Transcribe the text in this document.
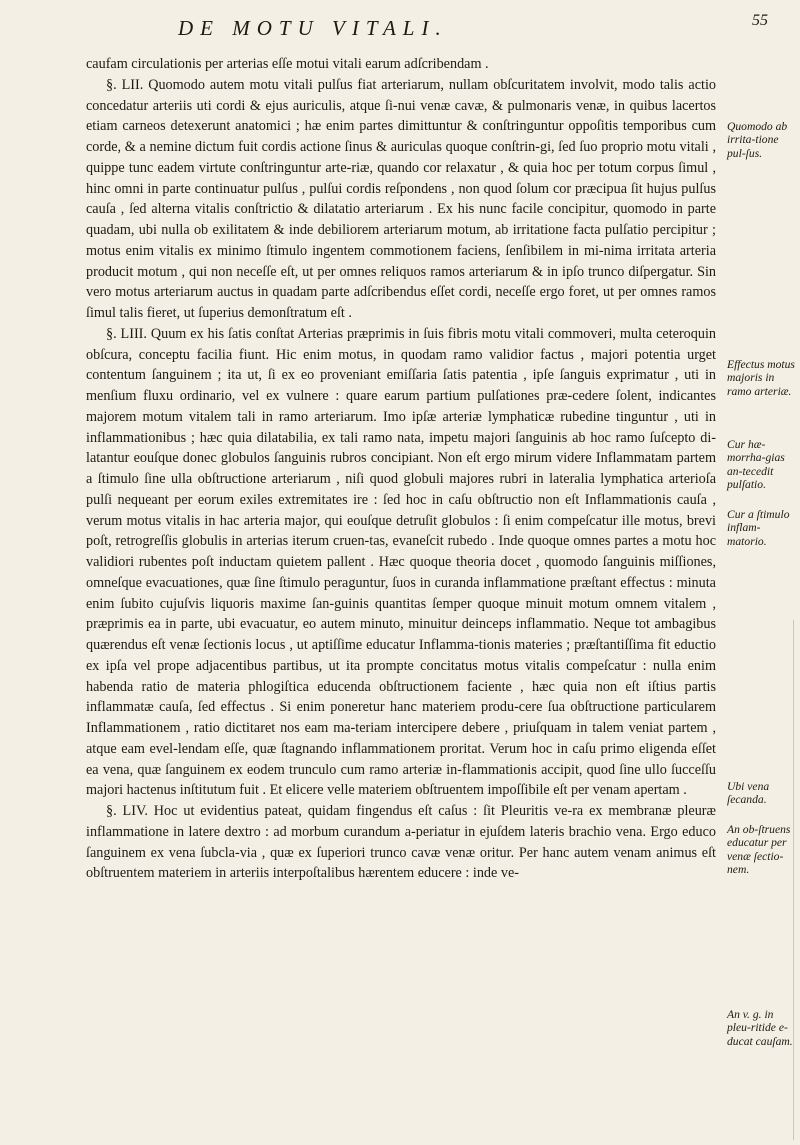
DE MOTU VITALI.	55

caufam circulationis per arterias eſſe motui vitali earum adſcribendam .

§. LII. Quomodo autem motu vitali pulſus fiat arteriarum, nullam obſcuritatem involvit, modo talis actio concedatur arteriis uti cordi & ejus auriculis, atque ſi-nui venæ cavæ, & pulmonaris venæ, in quibus lacertos etiam carneos detexerunt anatomici ; hæ enim partes dimittuntur & conſtringuntur oppoſitis temporibus cum corde, & a nemine dictum fuit cordis actione ſinus & auriculas quoque conſtrin-gi, ſed ſuo proprio motu vitali , quippe tunc eadem virtute conſtringuntur arte-riæ, quando cor relaxatur , & quia hoc per totum corpus ſimul , hinc omni in parte continuatur pulſus , pulſui cordis reſpondens , non quod ſolum cor præcipua ſit hujus pulſus cauſa , ſed alterna vitalis conſtrictio & dilatatio arteriarum . Ex his nunc facile concipitur, quomodo in parte quadam, ubi nulla ob exilitatem & inde debiliorem arteriarum motum, ab irritatione facta pulſatio percipitur ; motus enim vitalis ex minimo ſtimulo ingentem commotionem faciens, ſenſibilem in mi-nima irritata arteria producit motum , qui non neceſſe eſt, ut per omnes reliquos ramos arteriarum & in ipſo trunco diſpergatur. Sin vero motus arteriarum auctus in quadam parte adſcribendus eſſet cordi, neceſſe ergo foret, ut per omnes ramos ſimul talis fieret, ut ſuperius demonſtratum eſt .

§. LIII. Quum ex his ſatis conſtat Arterias præprimis in ſuis fibris motu vitali commoveri, multa ceteroquin obſcura, conceptu facilia fiunt. Hic enim motus, in quodam ramo validior factus , majori potentia urget contentum ſanguinem ; ita ut, ſi ex eo proveniant emiſſaria ſatis patentia , ipſe ſanguis exprimatur , uti in menſium fluxu ordinario, vel ex vulnere : quare earum partium pulſationes præ-cedere ſolent, indicantes majorem motum vitalem tali in ramo arteriarum. Imo ipſæ arteriæ lymphaticæ rubedine tinguntur , uti in inflammationibus ; hæc quia dilatabilia, ex tali ramo nata, impetu majori ſanguinis ab hoc ramo ſuſcepto di-latantur eouſque donec globulos ſanguinis rubros concipiant. Non eſt ergo mirum videre Inflammatam partem a ſtimulo ſine ulla obſtructione arteriarum , niſi quod globuli majores rubri in lateralia lymphatica arterioſa pulſi nequeant per eorum exiles extremitates ire : ſed hoc in caſu obſtructio non eſt Inflammationis cauſa , verum motus vitalis in hac arteria major, qui eouſque detruſit globulos : ſi enim compeſcatur ille motus, brevi poſt, retrogreſſis globulis in arterias iterum cruen-tas, evaneſcit rubedo . Inde quoque omnes partes a motu hoc validiori rubentes poſt inductam quietem pallent . Hæc quoque theoria docet , quomodo ſanguinis miſſiones, omneſque evacuationes, quæ ſine ſtimulo peraguntur, ſuos in curanda inflammatione præſtant effectus : minuta enim ſubito cujuſvis liquoris maxime ſan-guinis quantitas ſemper quoque minuit motum omnem vitalem , præprimis ea in parte, ubi evacuatur, eo autem minuto, minuitur deinceps inflammatio. Neque tot ambagibus quærendus eſt venæ ſectionis locus , ut aptiſſime educatur Inflamma-tionis materies ; præſtantiſſima fit eductio ex ipſa vel prope adjacentibus partibus, ut ita prompte concitatus motus vitalis compeſcatur : nulla enim habenda ratio de materia phlogiſtica educenda obſtructionem faciente , hæc quia non eſt iſtius partis inflammatæ cauſa, ſed effectus . Si enim poneretur hanc materiem produ-cere ſua obſtructione particularem Inflammationem , ratio dictitaret nos eam ma-teriam intercipere debere , priuſquam in talem veniat partem , atque eam evel-lendam eſſe, quæ ſtagnando inflammationem proritat. Verum hoc in caſu primo eligenda eſſet ea vena, quæ ſanguinem ex eodem trunculo cum ramo arteriæ in-flammationis accipit, quod ſine ullo ſucceſſu majori hactenus inſtitutum fuit . Et elicere velle materiem obſtruentem impoſſibile eſt per venam apertam .

§. LIV. Hoc ut evidentius pateat, quidam fingendus eſt caſus : ſit Pleuritis ve-ra ex membranæ pleuræ inflammatione in latere dextro : ad morbum curandum a-periatur in ejuſdem lateris brachio vena. Ergo educo ſanguinem ex vena ſubcla-via , quæ ex ſuperiori trunco cavæ venæ oritur. Per hanc autem venam animus eſt obſtruentem materiem in arteriis interpoſtalibus hærentem educere : inde ve-

Quomodo ab irrita-tione pul-ſus.
Effectus motus majoris in ramo arteriæ.
Cur hæ-morrha-gias an-tecedit pulſatio.
Cur a ſtimulo inflam-matorio.
Ubi vena ſecanda.
An ob-ſtruens educatur per venæ ſectio-nem.
An v. g. in pleu-ritide e-ducat cauſam.
